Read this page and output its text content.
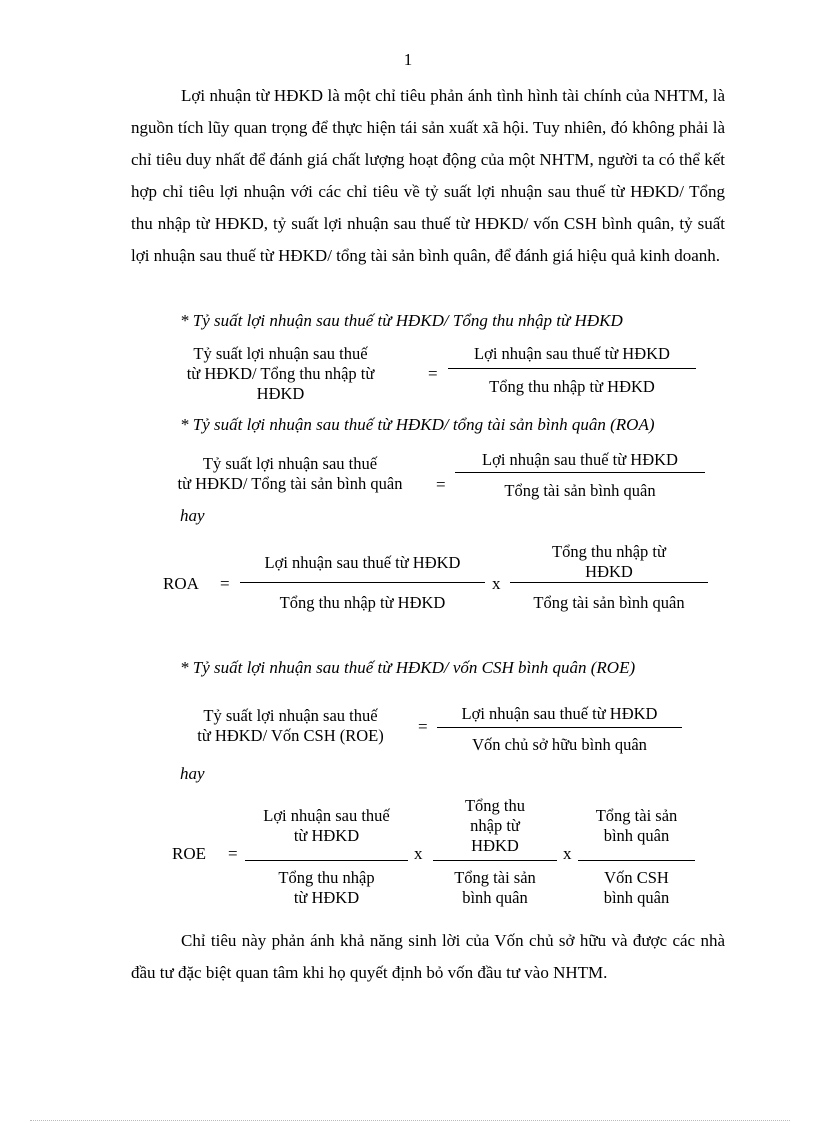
1
Lợi nhuận từ HĐKD là một chỉ tiêu phản ánh tình hình tài chính của NHTM, là nguồn tích lũy quan trọng để thực hiện tái sản xuất xã hội. Tuy nhiên, đó không phải là chỉ tiêu duy nhất để đánh giá chất lượng hoạt động của một NHTM, người ta có thể kết hợp chỉ tiêu lợi nhuận với các chỉ tiêu về tỷ suất lợi nhuận sau thuế từ HĐKD/ Tổng thu nhập từ HĐKD, tỷ suất lợi nhuận sau thuế từ HĐKD/ vốn CSH bình quân, tỷ suất lợi nhuận sau thuế từ HĐKD/ tổng tài sản bình quân, để đánh giá hiệu quả kinh doanh.
* Tỷ suất lợi nhuận sau thuế từ HĐKD/ Tổng thu nhập từ HĐKD
Tỷ suất lợi nhuận sau thuế
từ HĐKD/ Tổng thu nhập từ
HĐKD
=
Lợi nhuận sau thuế từ HĐKD
Tổng thu nhập từ HĐKD
* Tỷ suất lợi nhuận sau thuế từ HĐKD/ tổng tài sản bình quân (ROA)
Tỷ suất lợi nhuận sau thuế
từ HĐKD/ Tổng tài sản bình quân	=
Lợi nhuận sau thuế từ HĐKD
Tổng tài sản bình quân
hay
ROA =
Lợi nhuận sau thuế từ HĐKD
Tổng thu nhập từ HĐKD
x
Tổng thu nhập từ
HĐKD
Tổng tài sản bình quân
* Tỷ suất lợi nhuận sau thuế từ HĐKD/ vốn CSH bình quân (ROE)
Tỷ suất lợi nhuận sau thuế
từ HĐKD/ Vốn CSH (ROE)	=
Lợi nhuận sau thuế từ HĐKD
Vốn chủ sở hữu bình quân
hay
ROE =
Lợi nhuận sau thuế
từ HĐKD
Tổng thu nhập
từ HĐKD
x
Tổng thu
nhập từ
HĐKD
Tổng tài sản
bình quân
x
Tổng tài sản
bình quân
Vốn CSH
bình quân
Chỉ tiêu này phản ánh khả năng sinh lời của Vốn chủ sở hữu và được các nhà đầu tư đặc biệt quan tâm khi họ quyết định bỏ vốn đầu tư vào NHTM.
